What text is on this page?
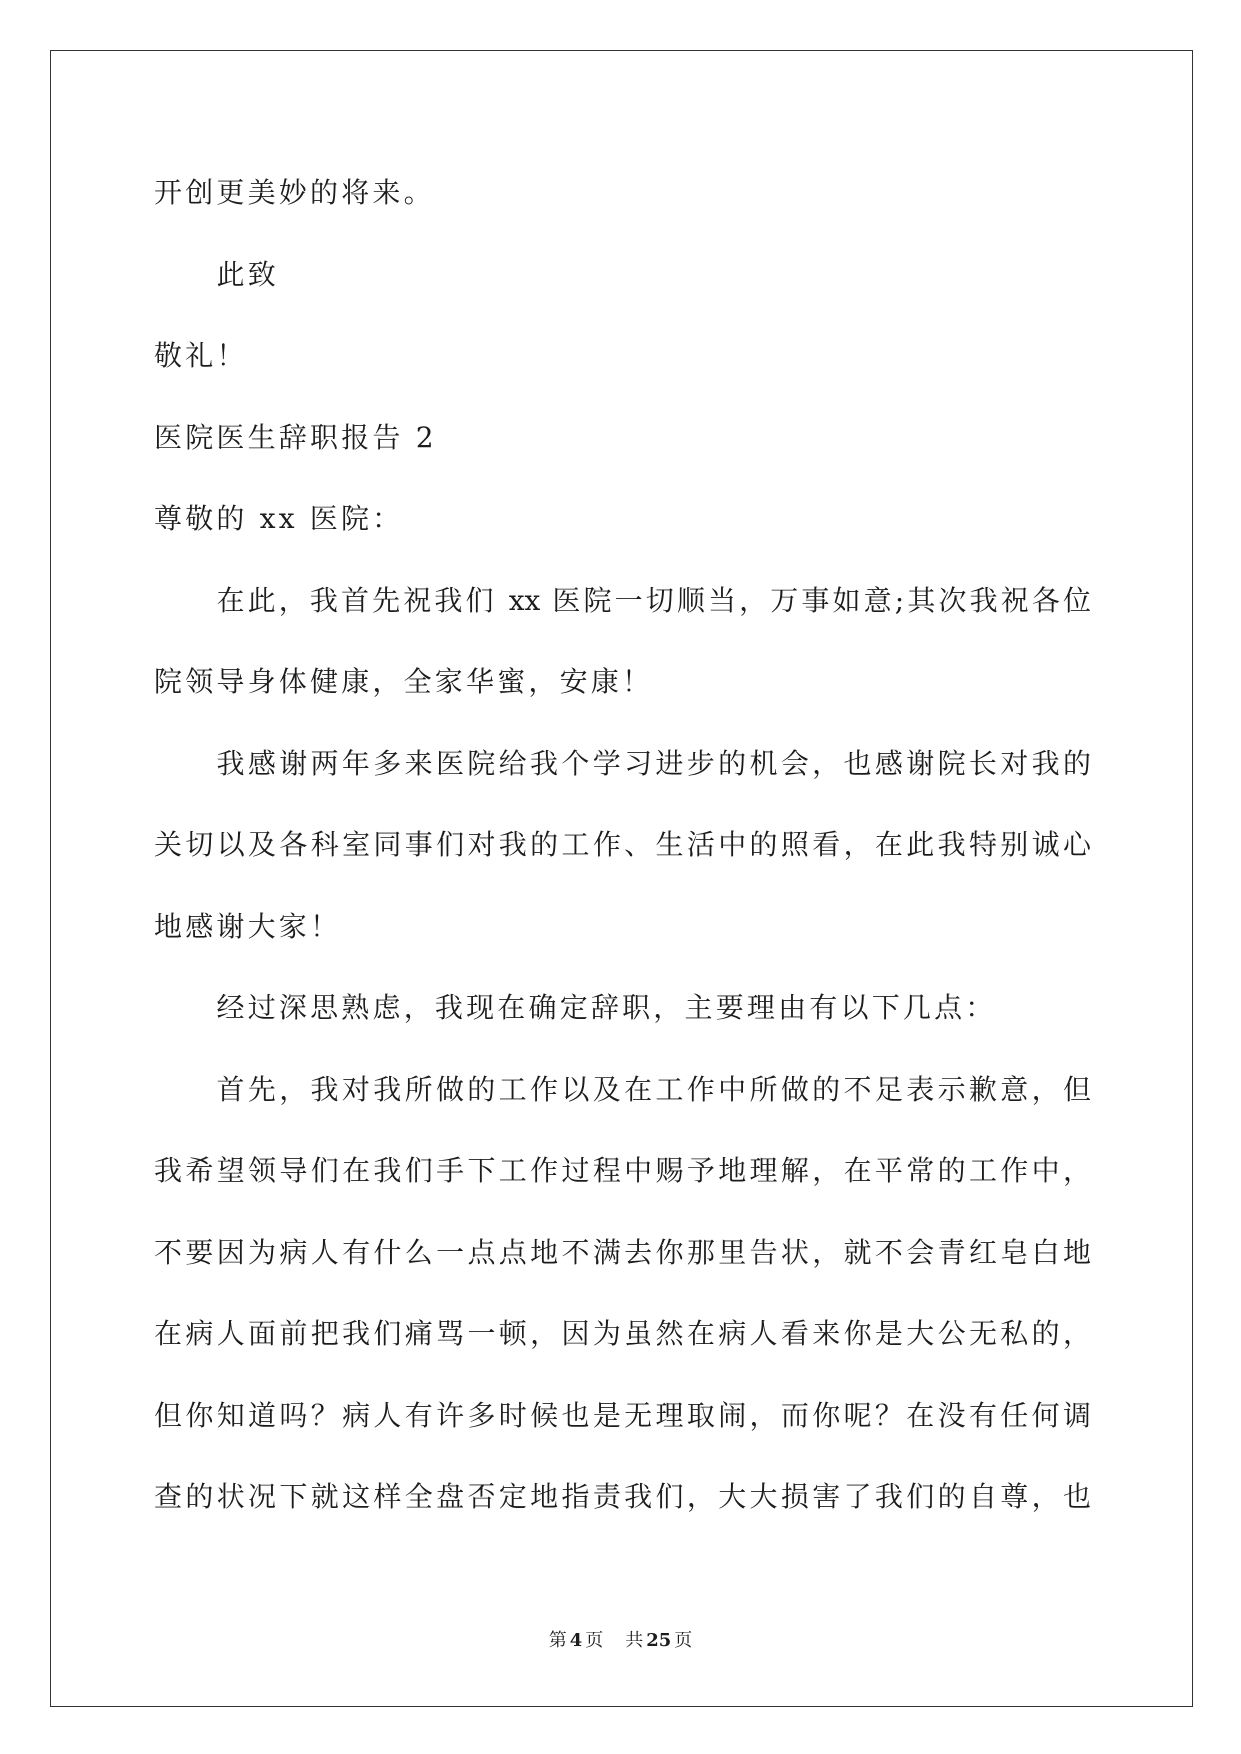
开创更美妙的将来。
此致
敬礼！
医院医生辞职报告 2
尊敬的 xx 医院：
在此，我首先祝我们 xx 医院一切顺当，万事如意;其次我祝各位
院领导身体健康，全家华蜜，安康！
我感谢两年多来医院给我个学习进步的机会，也感谢院长对我的
关切以及各科室同事们对我的工作、生活中的照看，在此我特别诚心
地感谢大家！
经过深思熟虑，我现在确定辞职，主要理由有以下几点：
首先，我对我所做的工作以及在工作中所做的不足表示歉意，但
我希望领导们在我们手下工作过程中赐予地理解，在平常的工作中，
不要因为病人有什么一点点地不满去你那里告状，就不会青红皂白地
在病人面前把我们痛骂一顿，因为虽然在病人看来你是大公无私的，
但你知道吗？病人有许多时候也是无理取闹，而你呢？在没有任何调
查的状况下就这样全盘否定地指责我们，大大损害了我们的自尊，也
第 4 页 共 25 页
